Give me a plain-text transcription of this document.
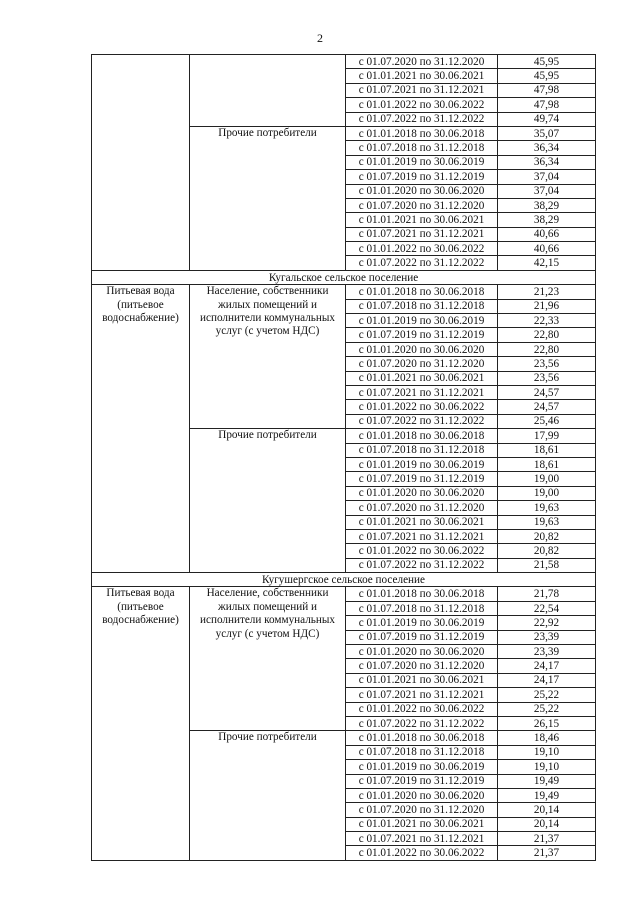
2
		с 01.07.2020 по 31.12.2020	45,95
		с 01.01.2021 по 30.06.2021	45,95
		с 01.07.2021 по 31.12.2021	47,98
		с 01.01.2022 по 30.06.2022	47,98
		с 01.07.2022 по 31.12.2022	49,74
	Прочие потребители	с 01.01.2018 по 30.06.2018	35,07
		с 01.07.2018 по 31.12.2018	36,34
		с 01.01.2019 по 30.06.2019	36,34
		с 01.07.2019 по 31.12.2019	37,04
		с 01.01.2020 по 30.06.2020	37,04
		с 01.07.2020 по 31.12.2020	38,29
		с 01.01.2021 по 30.06.2021	38,29
		с 01.07.2021 по 31.12.2021	40,66
		с 01.01.2022 по 30.06.2022	40,66
		с 01.07.2022 по 31.12.2022	42,15
Кугальское сельское поселение			
Питьевая вода (питьевое водоснабжение)	Население, собственники жилых помещений и исполнители коммунальных услуг (с учетом НДС)	с 01.01.2018 по 30.06.2018	21,23
		с 01.07.2018 по 31.12.2018	21,96
		с 01.01.2019 по 30.06.2019	22,33
		с 01.07.2019 по 31.12.2019	22,80
		с 01.01.2020 по 30.06.2020	22,80
		с 01.07.2020 по 31.12.2020	23,56
		с 01.01.2021 по 30.06.2021	23,56
		с 01.07.2021 по 31.12.2021	24,57
		с 01.01.2022 по 30.06.2022	24,57
		с 01.07.2022 по 31.12.2022	25,46
	Прочие потребители	с 01.01.2018 по 30.06.2018	17,99
		с 01.07.2018 по 31.12.2018	18,61
		с 01.01.2019 по 30.06.2019	18,61
		с 01.07.2019 по 31.12.2019	19,00
		с 01.01.2020 по 30.06.2020	19,00
		с 01.07.2020 по 31.12.2020	19,63
		с 01.01.2021 по 30.06.2021	19,63
		с 01.07.2021 по 31.12.2021	20,82
		с 01.01.2022 по 30.06.2022	20,82
		с 01.07.2022 по 31.12.2022	21,58
Кугушергское сельское поселение			
Питьевая вода (питьевое водоснабжение)	Население, собственники жилых помещений и исполнители коммунальных услуг (с учетом НДС)	с 01.01.2018 по 30.06.2018	21,78
		с 01.07.2018 по 31.12.2018	22,54
		с 01.01.2019 по 30.06.2019	22,92
		с 01.07.2019 по 31.12.2019	23,39
		с 01.01.2020 по 30.06.2020	23,39
		с 01.07.2020 по 31.12.2020	24,17
		с 01.01.2021 по 30.06.2021	24,17
		с 01.07.2021 по 31.12.2021	25,22
		с 01.01.2022 по 30.06.2022	25,22
		с 01.07.2022 по 31.12.2022	26,15
	Прочие потребители	с 01.01.2018 по 30.06.2018	18,46
		с 01.07.2018 по 31.12.2018	19,10
		с 01.01.2019 по 30.06.2019	19,10
		с 01.07.2019 по 31.12.2019	19,49
		с 01.01.2020 по 30.06.2020	19,49
		с 01.07.2020 по 31.12.2020	20,14
		с 01.01.2021 по 30.06.2021	20,14
		с 01.07.2021 по 31.12.2021	21,37
		с 01.01.2022 по 30.06.2022	21,37
